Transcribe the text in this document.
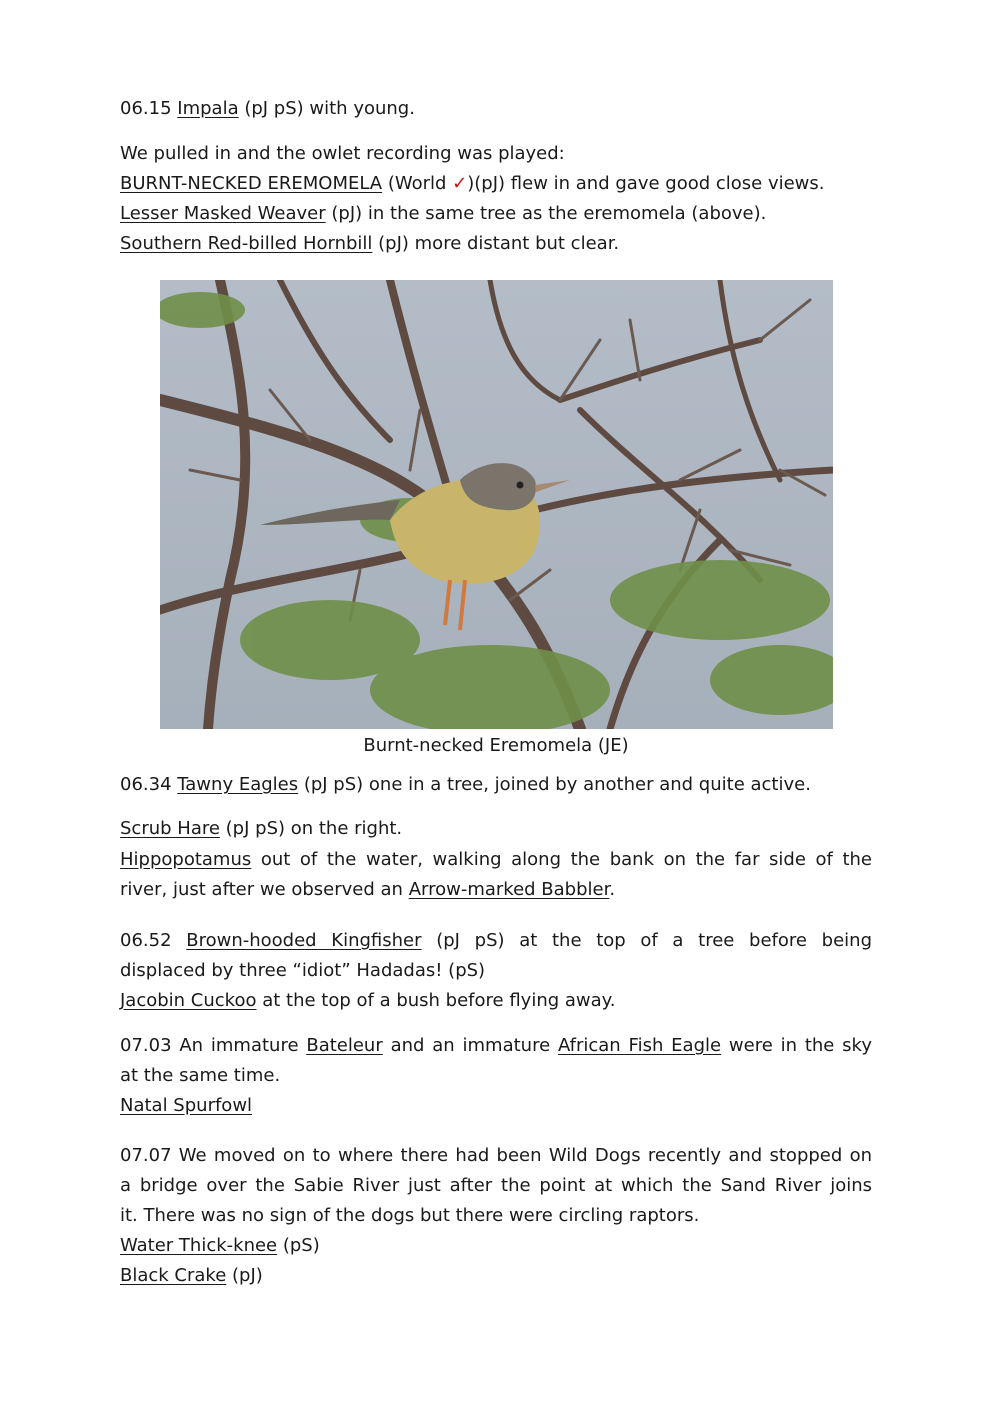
06.15 Impala (pJ pS) with young.
We pulled in and the owlet recording was played:
BURNT-NECKED EREMOMELA (World ✓)(pJ) flew in and gave good close views.
Lesser Masked Weaver (pJ) in the same tree as the eremomela (above).
Southern Red-billed Hornbill (pJ) more distant but clear.
Burnt-necked Eremomela (JE)
06.34 Tawny Eagles (pJ pS) one in a tree, joined by another and quite active.
Scrub Hare (pJ pS) on the right.
Hippopotamus out of the water, walking along the bank on the far side of the
river, just after we observed an Arrow-marked Babbler.
06.52 Brown-hooded Kingfisher (pJ pS) at the top of a tree before being
displaced by three “idiot” Hadadas! (pS)
Jacobin Cuckoo at the top of a bush before flying away.
07.03 An immature Bateleur and an immature African Fish Eagle were in the sky
at the same time.
Natal Spurfowl
07.07 We moved on to where there had been Wild Dogs recently and stopped on
a bridge over the Sabie River just after the point at which the Sand River joins
it. There was no sign of the dogs but there were circling raptors.
Water Thick-knee (pS)
Black Crake (pJ)
